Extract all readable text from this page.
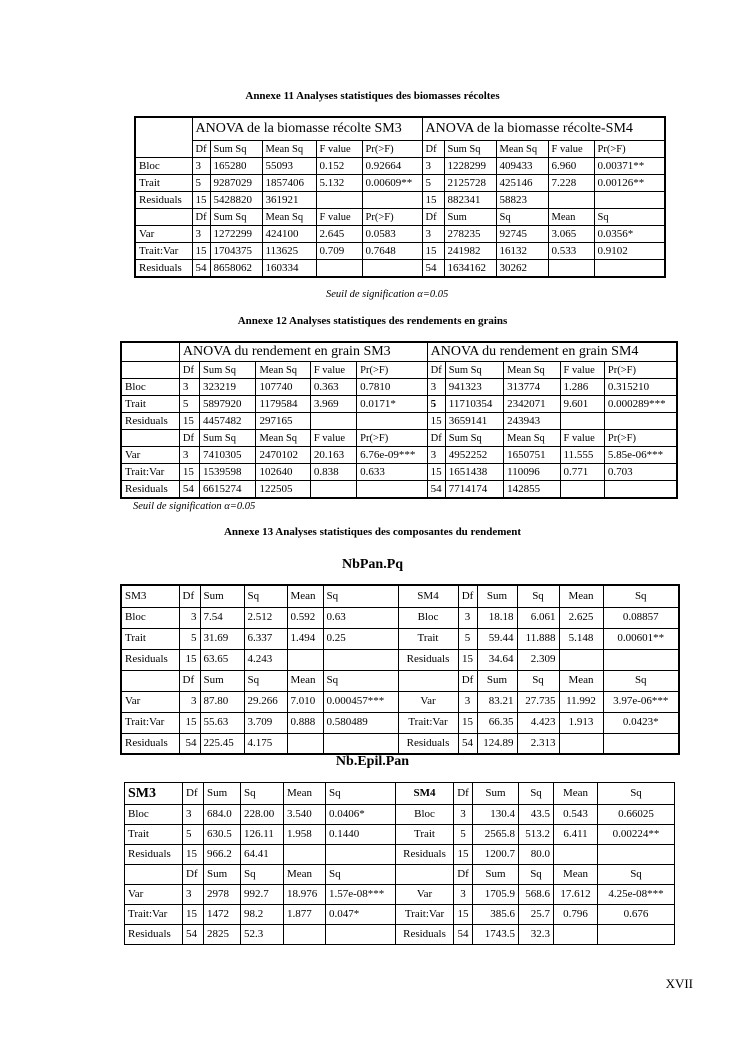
Annexe 11 Analyses statistiques des biomasses récoltes
	ANOVA de la biomasse récolte SM3					ANOVA de la biomasse récolte-SM4				
	Df	Sum Sq	Mean Sq	F value	Pr(>F)	Df	Sum Sq	Mean Sq	F value	Pr(>F)
Bloc	3	165280	55093	0.152	0.92664	3	1228299	409433	6.960	0.00371**
Trait	5	9287029	1857406	5.132	0.00609**	5	2125728	425146	7.228	0.00126**
Residuals	15	5428820	361921			15	882341	58823		
	Df	Sum Sq	Mean Sq	F value	Pr(>F)	Df	Sum	Sq	Mean	Sq
Var	3	1272299	424100	2.645	0.0583	3	278235	92745	3.065	0.0356*
Trait:Var	15	1704375	113625	0.709	0.7648	15	241982	16132	0.533	0.9102
Residuals	54	8658062	160334			54	1634162	30262		
Seuil de signification α=0.05
Annexe 12 Analyses statistiques des rendements en grains
	ANOVA du rendement en grain SM3					ANOVA du rendement en grain SM4				
	Df	Sum Sq	Mean Sq	F value	Pr(>F)	Df	Sum Sq	Mean Sq	F value	Pr(>F)
Bloc	3	323219	107740	0.363	0.7810	3	941323	313774	1.286	0.315210
Trait	5	5897920	1179584	3.969	0.0171*	5	11710354	2342071	9.601	0.000289***
Residuals	15	4457482	297165			15	3659141	243943		
	Df	Sum Sq	Mean Sq	F value	Pr(>F)	Df	Sum Sq	Mean Sq	F value	Pr(>F)
Var	3	7410305	2470102	20.163	6.76e-09***	3	4952252	1650751	11.555	5.85e-06***
Trait:Var	15	1539598	102640	0.838	0.633	15	1651438	110096	0.771	0.703
Residuals	54	6615274	122505			54	7714174	142855		
Seuil de signification α=0.05
Annexe 13 Analyses statistiques des composantes du rendement
NbPan.Pq
SM3	Df	Sum	Sq	Mean	Sq	SM4	Df	Sum	Sq	Mean	Sq
Bloc	3	7.54	2.512	0.592	0.63	Bloc	3	18.18	6.061	2.625	0.08857
Trait	5	31.69	6.337	1.494	0.25	Trait	5	59.44	11.888	5.148	0.00601**
Residuals	15	63.65	4.243			Residuals	15	34.64	2.309		
	Df	Sum	Sq	Mean	Sq		Df	Sum	Sq	Mean	Sq
Var	3	87.80	29.266	7.010	0.000457***	Var	3	83.21	27.735	11.992	3.97e-06***
Trait:Var	15	55.63	3.709	0.888	0.580489	Trait:Var	15	66.35	4.423	1.913	0.0423*
Residuals	54	225.45	4.175			Residuals	54	124.89	2.313		
Nb.Epil.Pan
SM3	Df	Sum	Sq	Mean	Sq	SM4	Df	Sum	Sq	Mean	Sq
Bloc	3	684.0	228.00	3.540	0.0406*	Bloc	3	130.4	43.5	0.543	0.66025
Trait	5	630.5	126.11	1.958	0.1440	Trait	5	2565.8	513.2	6.411	0.00224**
Residuals	15	966.2	64.41			Residuals	15	1200.7	80.0		
	Df	Sum	Sq	Mean	Sq		Df	Sum	Sq	Mean	Sq
Var	3	2978	992.7	18.976	1.57e-08***	Var	3	1705.9	568.6	17.612	4.25e-08***
Trait:Var	15	1472	98.2	1.877	0.047*	Trait:Var	15	385.6	25.7	0.796	0.676
Residuals	54	2825	52.3			Residuals	54	1743.5	32.3		
XVII
